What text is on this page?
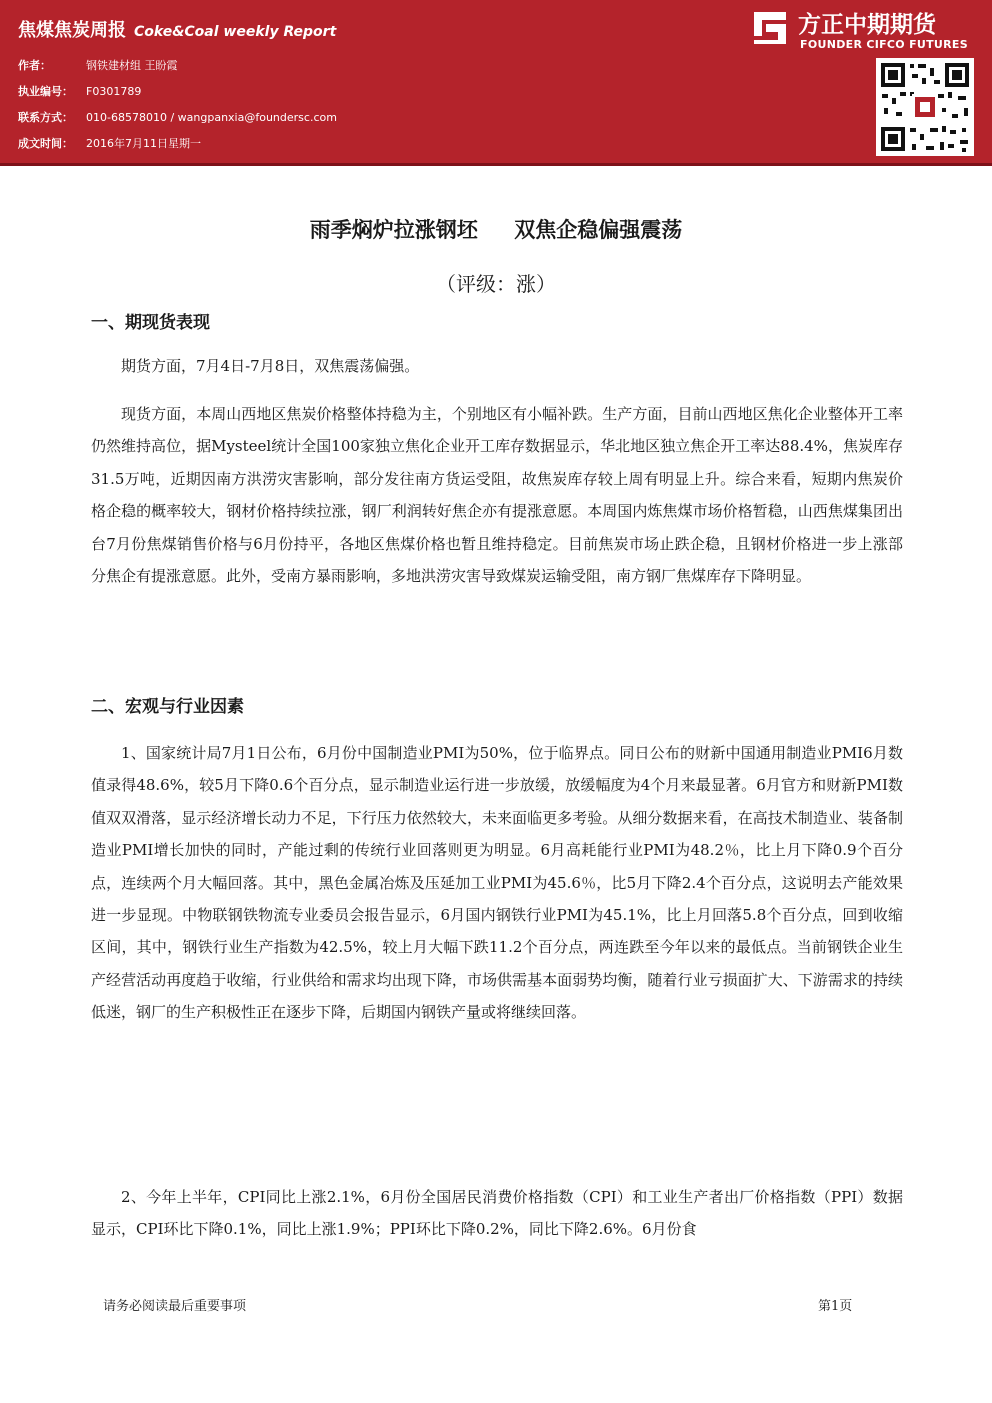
焦煤焦炭周报 Coke&Coal weekly Report
作者：	钢铁建材组 王盼霞
执业编号： F0301789
联系方式： 010-68578010 / wangpanxia@foundersc.com
成文时间： 2016年7月11日星期一
方正中期期货
FOUNDER CIFCO FUTURES
雨季焖炉拉涨钢坯     双焦企稳偏强震荡
（评级：涨）
一、期现货表现
期货方面，7月4日-7月8日，双焦震荡偏强。
现货方面，本周山西地区焦炭价格整体持稳为主，个别地区有小幅补跌。生产方面，目前山西地区焦化企业整体开工率仍然维持高位，据Mysteel统计全国100家独立焦化企业开工库存数据显示，华北地区独立焦企开工率达88.4%，焦炭库存31.5万吨，近期因南方洪涝灾害影响，部分发往南方货运受阻，故焦炭库存较上周有明显上升。综合来看，短期内焦炭价格企稳的概率较大，钢材价格持续拉涨，钢厂利润转好焦企亦有提涨意愿。本周国内炼焦煤市场价格暂稳，山西焦煤集团出台7月份焦煤销售价格与6月份持平，各地区焦煤价格也暂且维持稳定。目前焦炭市场止跌企稳，且钢材价格进一步上涨部分焦企有提涨意愿。此外，受南方暴雨影响，多地洪涝灾害导致煤炭运输受阻，南方钢厂焦煤库存下降明显。
二、宏观与行业因素
1、国家统计局7月1日公布，6月份中国制造业PMI为50%，位于临界点。同日公布的财新中国通用制造业PMI6月数值录得48.6%，较5月下降0.6个百分点，显示制造业运行进一步放缓，放缓幅度为4个月来最显著。6月官方和财新PMI数值双双滑落，显示经济增长动力不足，下行压力依然较大，未来面临更多考验。从细分数据来看，在高技术制造业、装备制造业PMI增长加快的同时，产能过剩的传统行业回落则更为明显。6月高耗能行业PMI为48.2％，比上月下降0.9个百分点，连续两个月大幅回落。其中，黑色金属冶炼及压延加工业PMI为45.6％，比5月下降2.4个百分点，这说明去产能效果进一步显现。中物联钢铁物流专业委员会报告显示，6月国内钢铁行业PMI为45.1%，比上月回落5.8个百分点，回到收缩区间，其中，钢铁行业生产指数为42.5%，较上月大幅下跌11.2个百分点，两连跌至今年以来的最低点。当前钢铁企业生产经营活动再度趋于收缩，行业供给和需求均出现下降，市场供需基本面弱势均衡，随着行业亏损面扩大、下游需求的持续低迷，钢厂的生产积极性正在逐步下降，后期国内钢铁产量或将继续回落。
2、今年上半年，CPI同比上涨2.1%，6月份全国居民消费价格指数（CPI）和工业生产者出厂价格指数（PPI）数据显示，CPI环比下降0.1%，同比上涨1.9%；PPI环比下降0.2%，同比下降2.6%。6月份食
请务必阅读最后重要事项	第1页
